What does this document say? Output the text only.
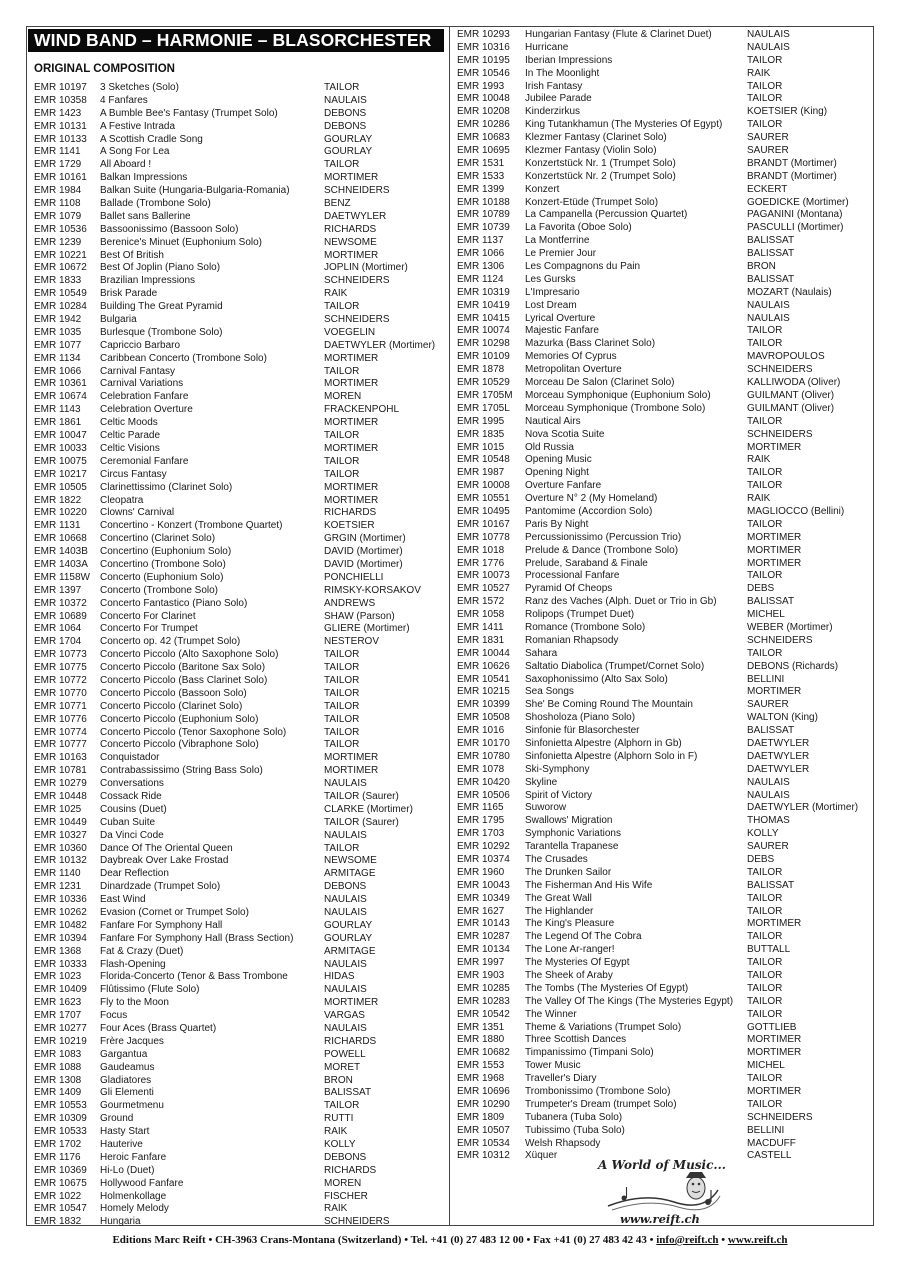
WIND BAND – HARMONIE – BLASORCHESTER
ORIGINAL COMPOSITION
EMR 10197	3 Sketches (Solo)	TAILOR
EMR 10358	4 Fanfares	NAULAIS
EMR 1423	A Bumble Bee's Fantasy (Trumpet Solo)	DEBONS
EMR 10131	A Festive Intrada	DEBONS
EMR 10133	A Scottish Cradle Song	GOURLAY
EMR 1141	A Song For Lea	GOURLAY
EMR 1729	All Aboard !	TAILOR
EMR 10161	Balkan Impressions	MORTIMER
EMR 1984	Balkan Suite (Hungaria-Bulgaria-Romania)	SCHNEIDERS
EMR 1108	Ballade (Trombone Solo)	BENZ
EMR 1079	Ballet sans Ballerine	DAETWYLER
EMR 10536	Bassoonissimo (Bassoon Solo)	RICHARDS
EMR 1239	Berenice's Minuet (Euphonium Solo)	NEWSOME
EMR 10221	Best Of British	MORTIMER
EMR 10672	Best Of Joplin (Piano Solo)	JOPLIN (Mortimer)
EMR 1833	Brazilian Impressions	SCHNEIDERS
EMR 10549	Brisk Parade	RAIK
EMR 10284	Building The Great Pyramid	TAILOR
EMR 1942	Bulgaria	SCHNEIDERS
EMR 1035	Burlesque (Trombone Solo)	VOEGELIN
EMR 1077	Capriccio Barbaro	DAETWYLER (Mortimer)
EMR 1134	Caribbean Concerto (Trombone Solo)	MORTIMER
EMR 1066	Carnival Fantasy	TAILOR
EMR 10361	Carnival Variations	MORTIMER
EMR 10674	Celebration Fanfare	MOREN
EMR 1143	Celebration Overture	FRACKENPOHL
EMR 1861	Celtic Moods	MORTIMER
EMR 10047	Celtic Parade	TAILOR
EMR 10033	Celtic Visions	MORTIMER
EMR 10075	Ceremonial Fanfare	TAILOR
EMR 10217	Circus Fantasy	TAILOR
EMR 10505	Clarinettissimo (Clarinet Solo)	MORTIMER
EMR 1822	Cleopatra	MORTIMER
EMR 10220	Clowns' Carnival	RICHARDS
EMR 1131	Concertino - Konzert (Trombone Quartet)	KOETSIER
EMR 10668	Concertino (Clarinet Solo)	GRGIN (Mortimer)
EMR 1403B	Concertino (Euphonium Solo)	DAVID (Mortimer)
EMR 1403A	Concertino (Trombone Solo)	DAVID (Mortimer)
EMR 1158W	Concerto (Euphonium Solo)	PONCHIELLI
EMR 1397	Concerto (Trombone Solo)	RIMSKY-KORSAKOV
EMR 10372	Concerto Fantastico (Piano Solo)	ANDREWS
EMR 10689	Concerto For Clarinet	SHAW (Parson)
EMR 1064	Concerto For Trumpet	GLIERE (Mortimer)
EMR 1704	Concerto op. 42 (Trumpet Solo)	NESTEROV
EMR 10773	Concerto Piccolo (Alto Saxophone Solo)	TAILOR
EMR 10775	Concerto Piccolo (Baritone Sax Solo)	TAILOR
EMR 10772	Concerto Piccolo (Bass Clarinet Solo)	TAILOR
EMR 10770	Concerto Piccolo (Bassoon Solo)	TAILOR
EMR 10771	Concerto Piccolo (Clarinet Solo)	TAILOR
EMR 10776	Concerto Piccolo (Euphonium Solo)	TAILOR
EMR 10774	Concerto Piccolo (Tenor Saxophone Solo)	TAILOR
EMR 10777	Concerto Piccolo (Vibraphone Solo)	TAILOR
EMR 10163	Conquistador	MORTIMER
EMR 10781	Contrabassissimo (String Bass Solo)	MORTIMER
EMR 10279	Conversations	NAULAIS
EMR 10448	Cossack Ride	TAILOR (Saurer)
EMR 1025	Cousins (Duet)	CLARKE (Mortimer)
EMR 10449	Cuban Suite	TAILOR (Saurer)
EMR 10327	Da Vinci Code	NAULAIS
EMR 10360	Dance Of The Oriental Queen	TAILOR
EMR 10132	Daybreak Over Lake Frostad	NEWSOME
EMR 1140	Dear Reflection	ARMITAGE
EMR 1231	Dinardzade (Trumpet Solo)	DEBONS
EMR 10336	East Wind	NAULAIS
EMR 10262	Evasion (Cornet or Trumpet Solo)	NAULAIS
EMR 10482	Fanfare For Symphony Hall	GOURLAY
EMR 10394	Fanfare For Symphony Hall (Brass Section)	GOURLAY
EMR 1368	Fat & Crazy (Duet)	ARMITAGE
EMR 10333	Flash-Opening	NAULAIS
EMR 1023	Florida-Concerto (Tenor & Bass Trombone	HIDAS
EMR 10409	Flûtissimo (Flute Solo)	NAULAIS
EMR 1623	Fly to the Moon	MORTIMER
EMR 1707	Focus	VARGAS
EMR 10277	Four Aces (Brass Quartet)	NAULAIS
EMR 10219	Frère Jacques	RICHARDS
EMR 1083	Gargantua	POWELL
EMR 1088	Gaudeamus	MORET
EMR 1308	Gladiatores	BRON
EMR 1409	Gli Elementi	BALISSAT
EMR 10553	Gourmetmenu	TAILOR
EMR 10309	Ground	RUTTI
EMR 10533	Hasty Start	RAIK
EMR 1702	Hauterive	KOLLY
EMR 1176	Heroic Fanfare	DEBONS
EMR 10369	Hi-Lo (Duet)	RICHARDS
EMR 10675	Hollywood Fanfare	MOREN
EMR 1022	Holmenkollage	FISCHER
EMR 10547	Homely Melody	RAIK
EMR 1832	Hungaria	SCHNEIDERS
EMR 10293	Hungarian Fantasy (Flute & Clarinet Duet)	NAULAIS
EMR 10316	Hurricane	NAULAIS
EMR 10195	Iberian Impressions	TAILOR
EMR 10546	In The Moonlight	RAIK
EMR 1993	Irish Fantasy	TAILOR
EMR 10048	Jubilee Parade	TAILOR
EMR 10208	Kinderzirkus	KOETSIER (King)
EMR 10286	King Tutankhamun (The Mysteries Of Egypt)	TAILOR
EMR 10683	Klezmer Fantasy (Clarinet Solo)	SAURER
EMR 10695	Klezmer Fantasy (Violin Solo)	SAURER
EMR 1531	Konzertstück Nr. 1 (Trumpet Solo)	BRANDT (Mortimer)
EMR 1533	Konzertstück Nr. 2 (Trumpet Solo)	BRANDT (Mortimer)
EMR 1399	Konzert	ECKERT
EMR 10188	Konzert-Etüde (Trumpet Solo)	GOEDICKE (Mortimer)
EMR 10789	La Campanella (Percussion Quartet)	PAGANINI (Montana)
EMR 10739	La Favorita (Oboe Solo)	PASCULLI (Mortimer)
EMR 1137	La Montferrine	BALISSAT
EMR 1066	Le Premier Jour	BALISSAT
EMR 1306	Les Compagnons du Pain	BRON
EMR 1124	Les Gursks	BALISSAT
EMR 10319	L'Impresario	MOZART (Naulais)
EMR 10419	Lost Dream	NAULAIS
EMR 10415	Lyrical Overture	NAULAIS
EMR 10074	Majestic Fanfare	TAILOR
EMR 10298	Mazurka (Bass Clarinet Solo)	TAILOR
EMR 10109	Memories Of Cyprus	MAVROPOULOS
EMR 1878	Metropolitan Overture	SCHNEIDERS
EMR 10529	Morceau De Salon (Clarinet Solo)	KALLIWODA (Oliver)
EMR 1705M	Morceau Symphonique (Euphonium Solo)	GUILMANT (Oliver)
EMR 1705L	Morceau Symphonique (Trombone Solo)	GUILMANT (Oliver)
EMR 1995	Nautical Airs	TAILOR
EMR 1835	Nova Scotia Suite	SCHNEIDERS
EMR 1015	Old Russia	MORTIMER
EMR 10548	Opening Music	RAIK
EMR 1987	Opening Night	TAILOR
EMR 10008	Overture Fanfare	TAILOR
EMR 10551	Overture N° 2 (My Homeland)	RAIK
EMR 10495	Pantomime (Accordion Solo)	MAGLIOCCO (Bellini)
EMR 10167	Paris By Night	TAILOR
EMR 10778	Percussionissimo (Percussion Trio)	MORTIMER
EMR 1018	Prelude & Dance (Trombone Solo)	MORTIMER
EMR 1776	Prelude, Saraband & Finale	MORTIMER
EMR 10073	Processional Fanfare	TAILOR
EMR 10527	Pyramid Of Cheops	DEBS
EMR 1572	Ranz des Vaches (Alph. Duet or Trio in Gb)	BALISSAT
EMR 1058	Rolipops (Trumpet Duet)	MICHEL
EMR 1411	Romance (Trombone Solo)	WEBER (Mortimer)
EMR 1831	Romanian Rhapsody	SCHNEIDERS
EMR 10044	Sahara	TAILOR
EMR 10626	Saltatio Diabolica (Trumpet/Cornet Solo)	DEBONS (Richards)
EMR 10541	Saxophonissimo (Alto Sax Solo)	BELLINI
EMR 10215	Sea Songs	MORTIMER
EMR 10399	She' Be Coming Round The Mountain	SAURER
EMR 10508	Shosholoza (Piano Solo)	WALTON (King)
EMR 1016	Sinfonie für Blasorchester	BALISSAT
EMR 10170	Sinfonietta Alpestre (Alphorn in Gb)	DAETWYLER
EMR 10780	Sinfonietta Alpestre (Alphorn Solo in F)	DAETWYLER
EMR 1078	Ski-Symphony	DAETWYLER
EMR 10420	Skyline	NAULAIS
EMR 10506	Spirit of Victory	NAULAIS
EMR 1165	Suworow	DAETWYLER (Mortimer)
EMR 1795	Swallows' Migration	THOMAS
EMR 1703	Symphonic Variations	KOLLY
EMR 10292	Tarantella Trapanese	SAURER
EMR 10374	The Crusades	DEBS
EMR 1960	The Drunken Sailor	TAILOR
EMR 10043	The Fisherman And His Wife	BALISSAT
EMR 10349	The Great Wall	TAILOR
EMR 1627	The Highlander	TAILOR
EMR 10143	The King's Pleasure	MORTIMER
EMR 10287	The Legend Of The Cobra	TAILOR
EMR 10134	The Lone Ar-ranger!	BUTTALL
EMR 1997	The Mysteries Of Egypt	TAILOR
EMR 1903	The Sheek of Araby	TAILOR
EMR 10285	The Tombs (The Mysteries Of Egypt)	TAILOR
EMR 10283	The Valley Of The Kings (The Mysteries Egypt)	TAILOR
EMR 10542	The Winner	TAILOR
EMR 1351	Theme & Variations (Trumpet Solo)	GOTTLIEB
EMR 1880	Three Scottish Dances	MORTIMER
EMR 10682	Timpanissimo (Timpani Solo)	MORTIMER
EMR 1553	Tower Music	MICHEL
EMR 1968	Traveller's Diary	TAILOR
EMR 10696	Trombonissimo (Trombone Solo)	MORTIMER
EMR 10290	Trumpeter's Dream (trumpet Solo)	TAILOR
EMR 1809	Tubanera (Tuba Solo)	SCHNEIDERS
EMR 10507	Tubissimo (Tuba Solo)	BELLINI
EMR 10534	Welsh Rhapsody	MACDUFF
EMR 10312	Xüquer	CASTELL
A World of Music...
www.reift.ch
Editions Marc Reift • CH-3963 Crans-Montana (Switzerland) • Tel. +41 (0) 27 483 12 00 • Fax +41 (0) 27 483 42 43 • info@reift.ch • www.reift.ch
